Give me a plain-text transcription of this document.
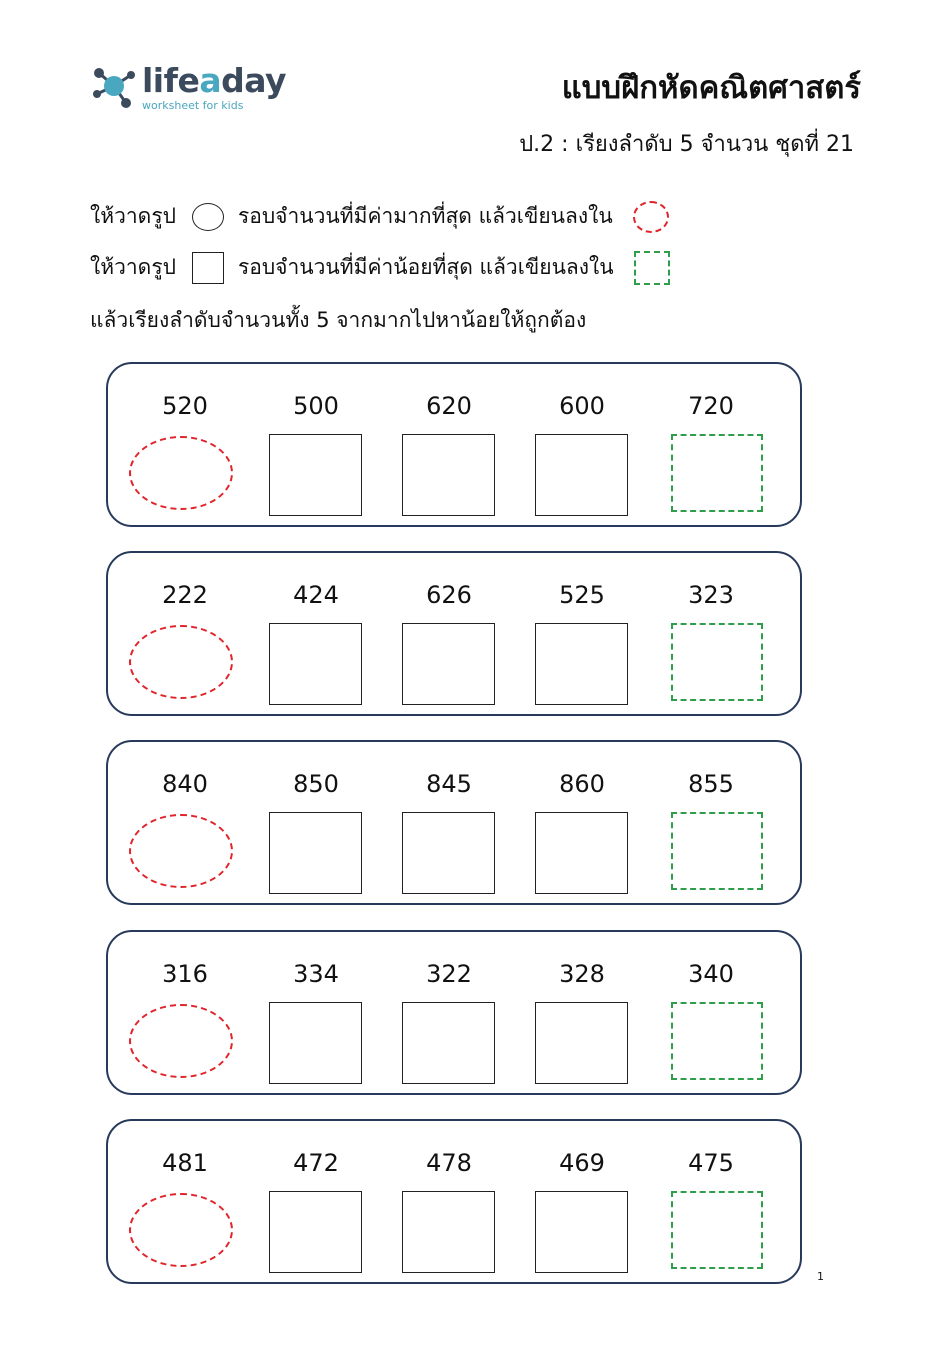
lifeaday
worksheet for kids	แบบฝึกหัดคณิตศาสตร์
ป.2 : เรียงลำดับ 5 จำนวน ชุดที่ 21
ให้วาดรูป	รอบจำนวนที่มีค่ามากที่สุด แล้วเขียนลงใน
ให้วาดรูป	รอบจำนวนที่มีค่าน้อยที่สุด แล้วเขียนลงใน
แล้วเรียงลำดับจำนวนทั้ง 5 จากมากไปหาน้อยให้ถูกต้อง
520	500	620	600	720
222	424	626	525	323
840	850	845	860	855
316	334	322	328	340
481	472	478	469	475
1
